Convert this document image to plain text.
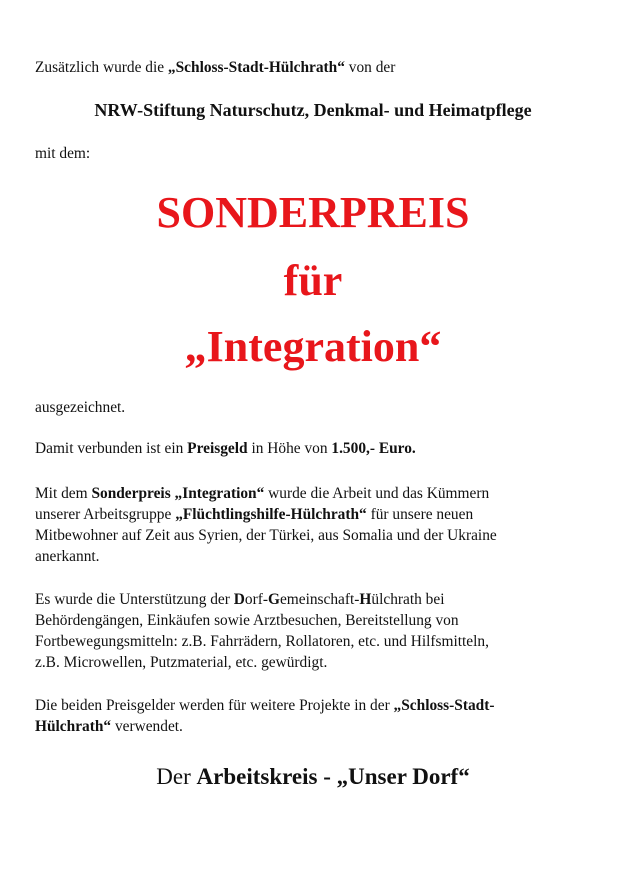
Zusätzlich wurde die „Schloss-Stadt-Hülchrath“ von der
NRW-Stiftung Naturschutz, Denkmal- und Heimatpflege
mit dem:
SONDERPREIS
für
„Integration“
ausgezeichnet.
Damit verbunden ist ein Preisgeld in Höhe von 1.500,- Euro.
Mit dem Sonderpreis „Integration“ wurde die Arbeit und das Kümmern
unserer Arbeitsgruppe „Flüchtlingshilfe-Hülchrath“ für unsere neuen
Mitbewohner auf Zeit aus Syrien, der Türkei, aus Somalia und der Ukraine
anerkannt.
Es wurde die Unterstützung der Dorf-Gemeinschaft-Hülchrath bei
Behördengängen, Einkäufen sowie Arztbesuchen, Bereitstellung von
Fortbewegungsmitteln: z.B. Fahrrädern, Rollatoren, etc. und Hilfsmitteln,
z.B. Microwellen, Putzmaterial, etc. gewürdigt.
Die beiden Preisgelder werden für weitere Projekte in der „Schloss-Stadt-
Hülchrath“ verwendet.
Der Arbeitskreis - „Unser Dorf“
